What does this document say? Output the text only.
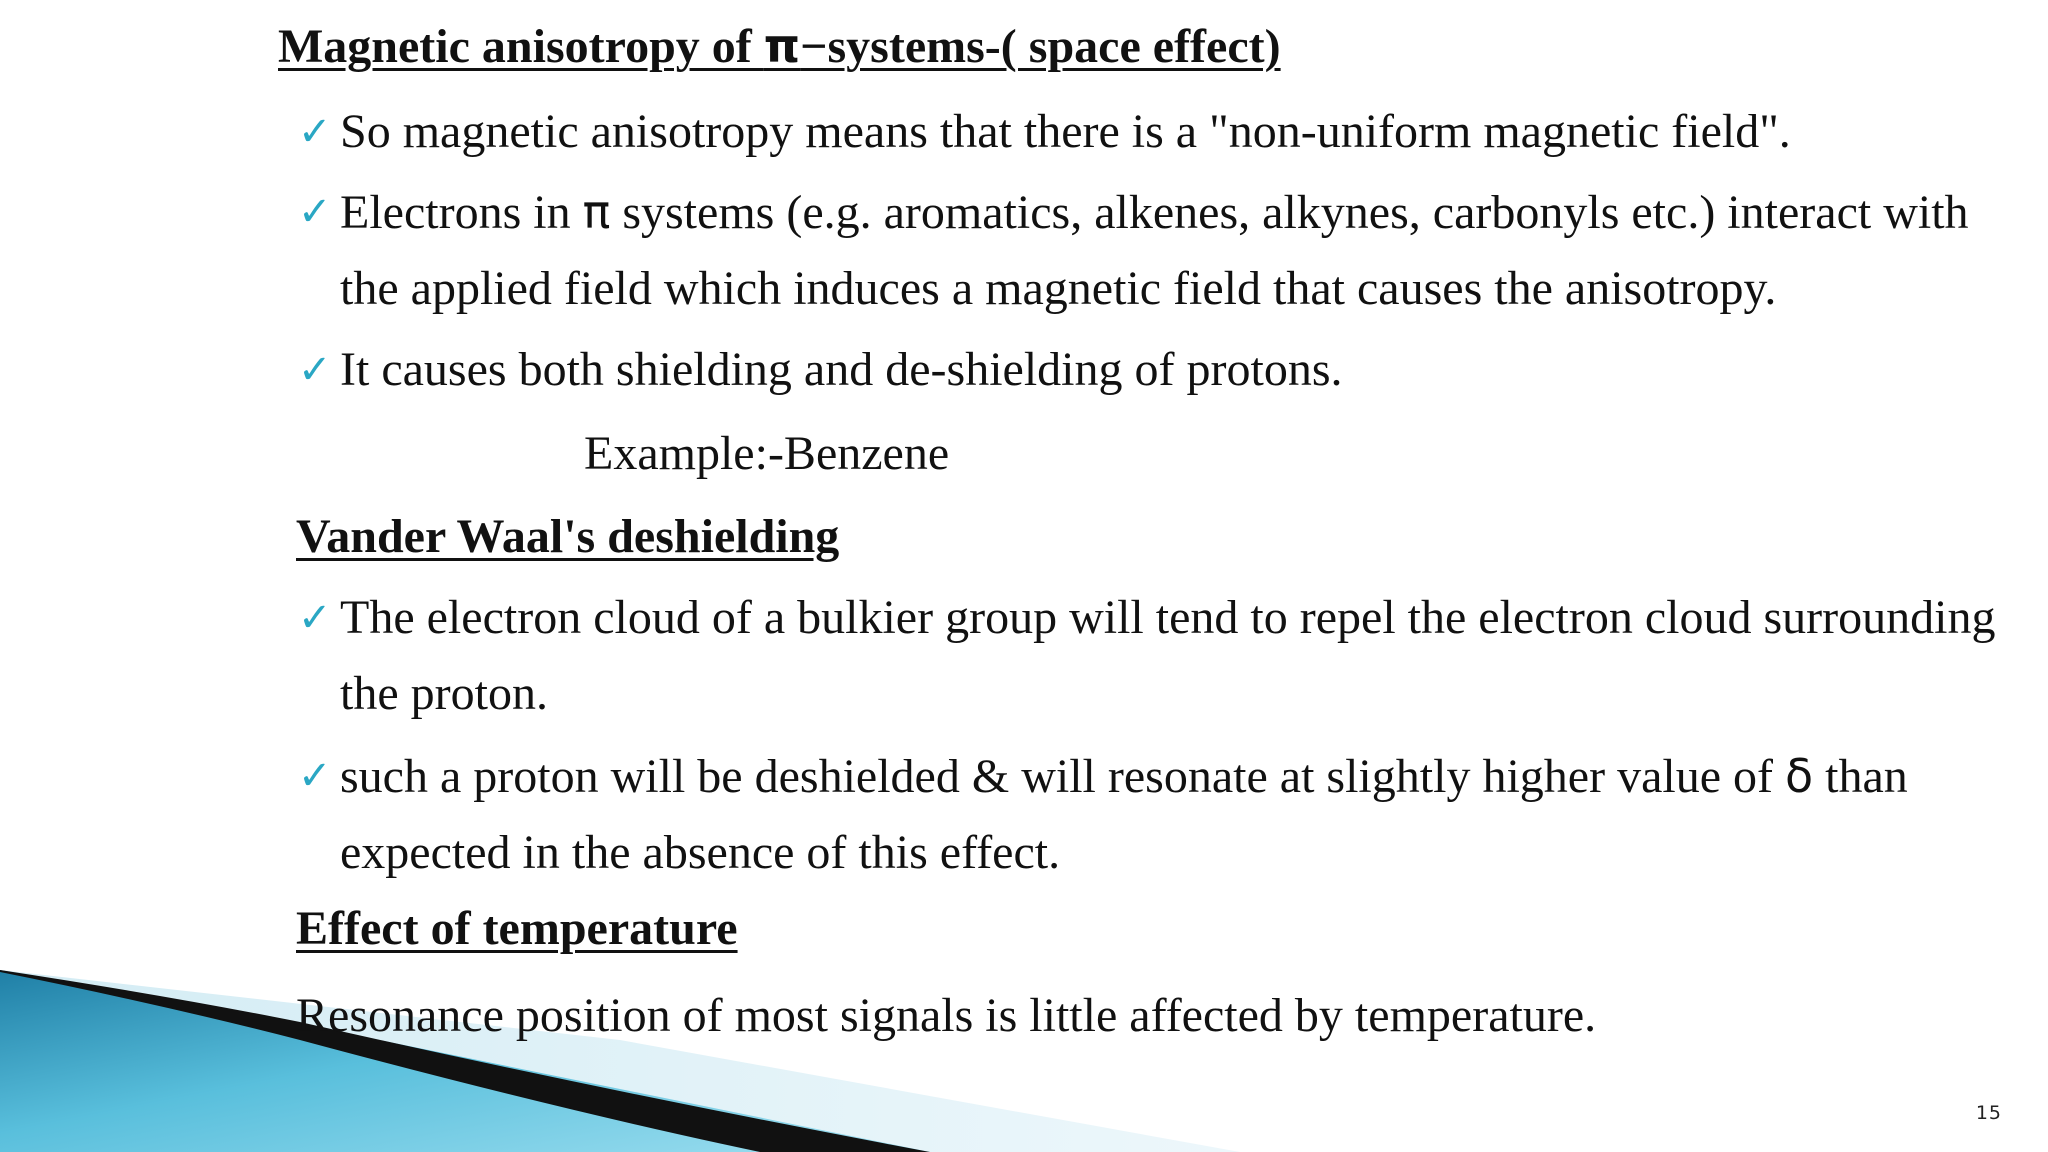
Magnetic anisotropy of π−systems-( space effect)
✓ So magnetic anisotropy means that there is a "non-uniform magnetic field".
✓ Electrons in π systems (e.g. aromatics, alkenes, alkynes, carbonyls etc.) interact with the applied field which induces a magnetic field that causes the anisotropy.
✓ It causes both shielding and de-shielding of protons.
Example:-Benzene
Vander Waal's deshielding
✓ The electron cloud of a bulkier group will tend to repel the electron cloud surrounding the proton.
✓ such a proton will be deshielded & will resonate at slightly higher value of δ than expected in the absence of this effect.
Effect of temperature
Resonance position of most signals is little affected by temperature.
15
